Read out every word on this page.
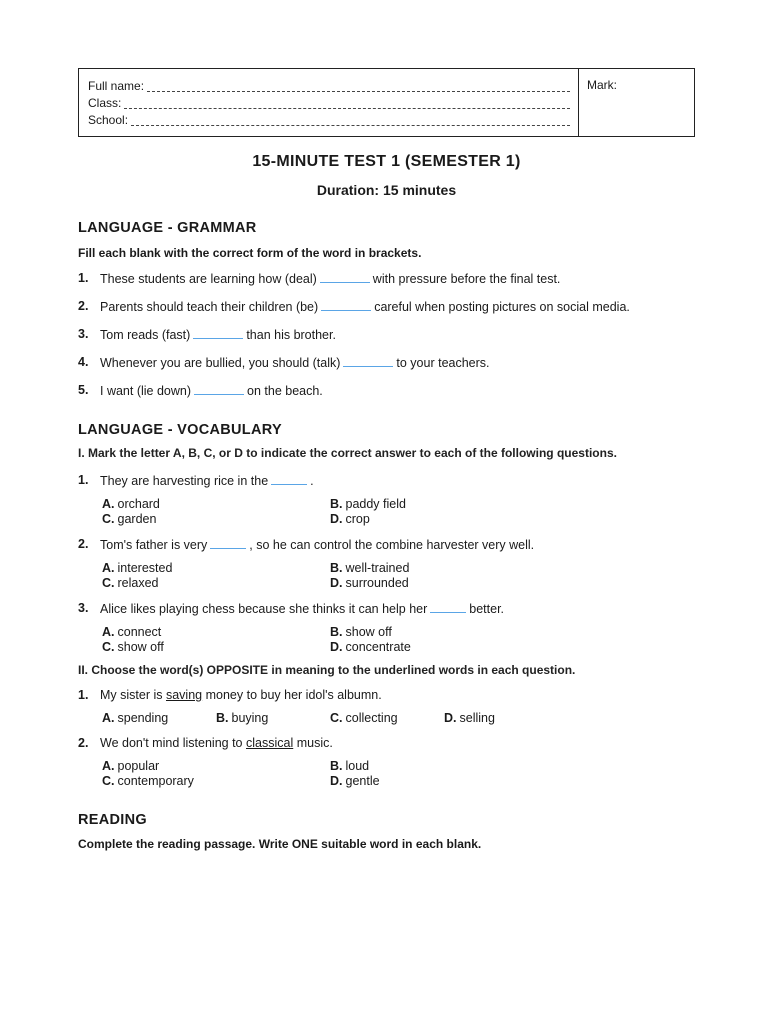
Full name:
Class:
School:
Mark:
15-MINUTE TEST 1 (SEMESTER 1)
Duration: 15 minutes
LANGUAGE - GRAMMAR
Fill each blank with the correct form of the word in brackets.
1. These students are learning how (deal)	with pressure before the final test.
2. Parents should teach their children (be)	careful when posting pictures on social media.
3. Tom reads (fast)	than his brother.
4. Whenever you are bullied, you should (talk)	to your teachers.
5. I want (lie down)	on the beach.
LANGUAGE - VOCABULARY
I. Mark the letter A, B, C, or D to indicate the correct answer to each of the following questions.
1. They are harvesting rice in the	.
A. orchard	B. paddy field
C. garden	D. crop
2. Tom's father is very	, so he can control the combine harvester very well.
A. interested	B. well-trained
C. relaxed	D. surrounded
3. Alice likes playing chess because she thinks it can help her	better.
A. connect	B. show off
C. show off	D. concentrate
II. Choose the word(s) OPPOSITE in meaning to the underlined words in each question.
1. My sister is saving money to buy her idol's albumn.
A. spending	B. buying	C. collecting	D. selling
2. We don't mind listening to classical music.
A. popular	B. loud
C. contemporary	D. gentle
READING
Complete the reading passage. Write ONE suitable word in each blank.
